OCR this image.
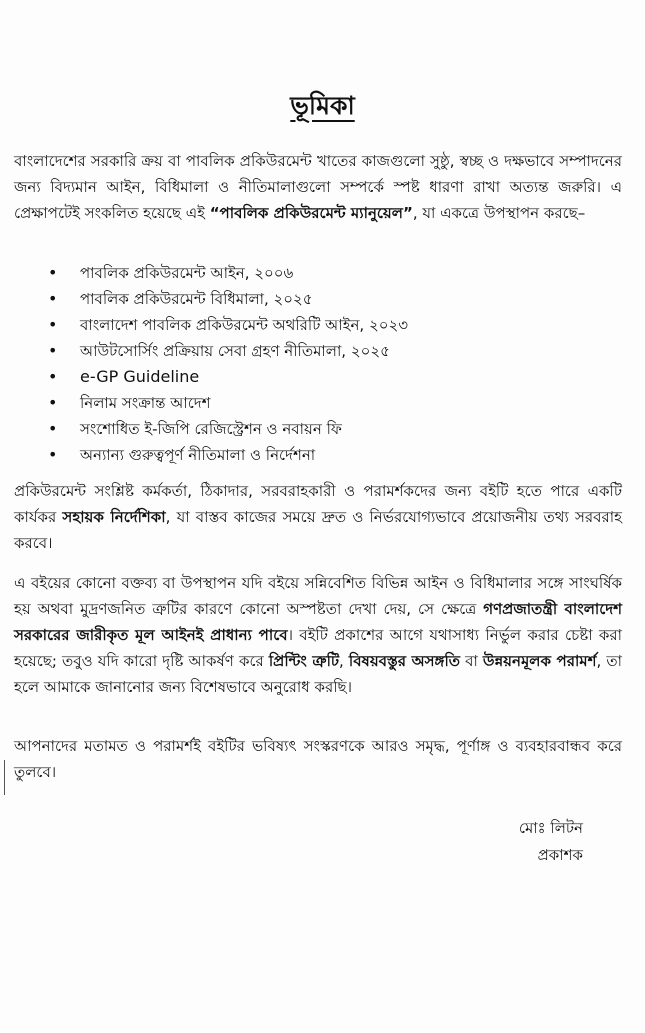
ভূমিকা

বাংলাদেশের সরকারি ক্রয় বা পাবলিক প্রকিউরমেন্ট খাতের কাজগুলো সুষ্ঠু, স্বচ্ছ ও দক্ষভাবে সম্পাদনের জন্য বিদ্যমান আইন, বিধিমালা ও নীতিমালাগুলো সম্পর্কে স্পষ্ট ধারণা রাখা অত্যন্ত জরুরি। এ প্রেক্ষাপটেই সংকলিত হয়েছে এই “পাবলিক প্রকিউরমেন্ট ম্যানুয়েল”, যা একত্রে উপস্থাপন করছে–

• পাবলিক প্রকিউরমেন্ট আইন, ২০০৬
• পাবলিক প্রকিউরমেন্ট বিধিমালা, ২০২৫
• বাংলাদেশ পাবলিক প্রকিউরমেন্ট অথরিটি আইন, ২০২৩
• আউটসোর্সিং প্রক্রিয়ায় সেবা গ্রহণ নীতিমালা, ২০২৫
• e-GP Guideline
• নিলাম সংক্রান্ত আদেশ
• সংশোধিত ই-জিপি রেজিস্ট্রেশন ও নবায়ন ফি
• অন্যান্য গুরুত্বপূর্ণ নীতিমালা ও নির্দেশনা

প্রকিউরমেন্ট সংশ্লিষ্ট কর্মকর্তা, ঠিকাদার, সরবরাহকারী ও পরামর্শকদের জন্য বইটি হতে পারে একটি কার্যকর সহায়ক নির্দেশিকা, যা বাস্তব কাজের সময়ে দ্রুত ও নির্ভরযোগ্যভাবে প্রয়োজনীয় তথ্য সরবরাহ করবে।

এ বইয়ের কোনো বক্তব্য বা উপস্থাপন যদি বইয়ে সন্নিবেশিত বিভিন্ন আইন ও বিধিমালার সঙ্গে সাংঘর্ষিক হয় অথবা মুদ্রণজনিত ত্রুটির কারণে কোনো অস্পষ্টতা দেখা দেয়, সে ক্ষেত্রে গণপ্রজাতন্ত্রী বাংলাদেশ সরকারের জারীকৃত মূল আইনই প্রাধান্য পাবে। বইটি প্রকাশের আগে যথাসাধ্য নির্ভুল করার চেষ্টা করা হয়েছে; তবুও যদি কারো দৃষ্টি আকর্ষণ করে প্রিন্টিং ত্রুটি, বিষয়বস্তুর অসঙ্গতি বা উন্নয়নমূলক পরামর্শ, তা হলে আমাকে জানানোর জন্য বিশেষভাবে অনুরোধ করছি।

আপনাদের মতামত ও পরামর্শই বইটির ভবিষ্যৎ সংস্করণকে আরও সমৃদ্ধ, পূর্ণাঙ্গ ও ব্যবহারবান্ধব করে তুলবে।

মোঃ লিটন
প্রকাশক
